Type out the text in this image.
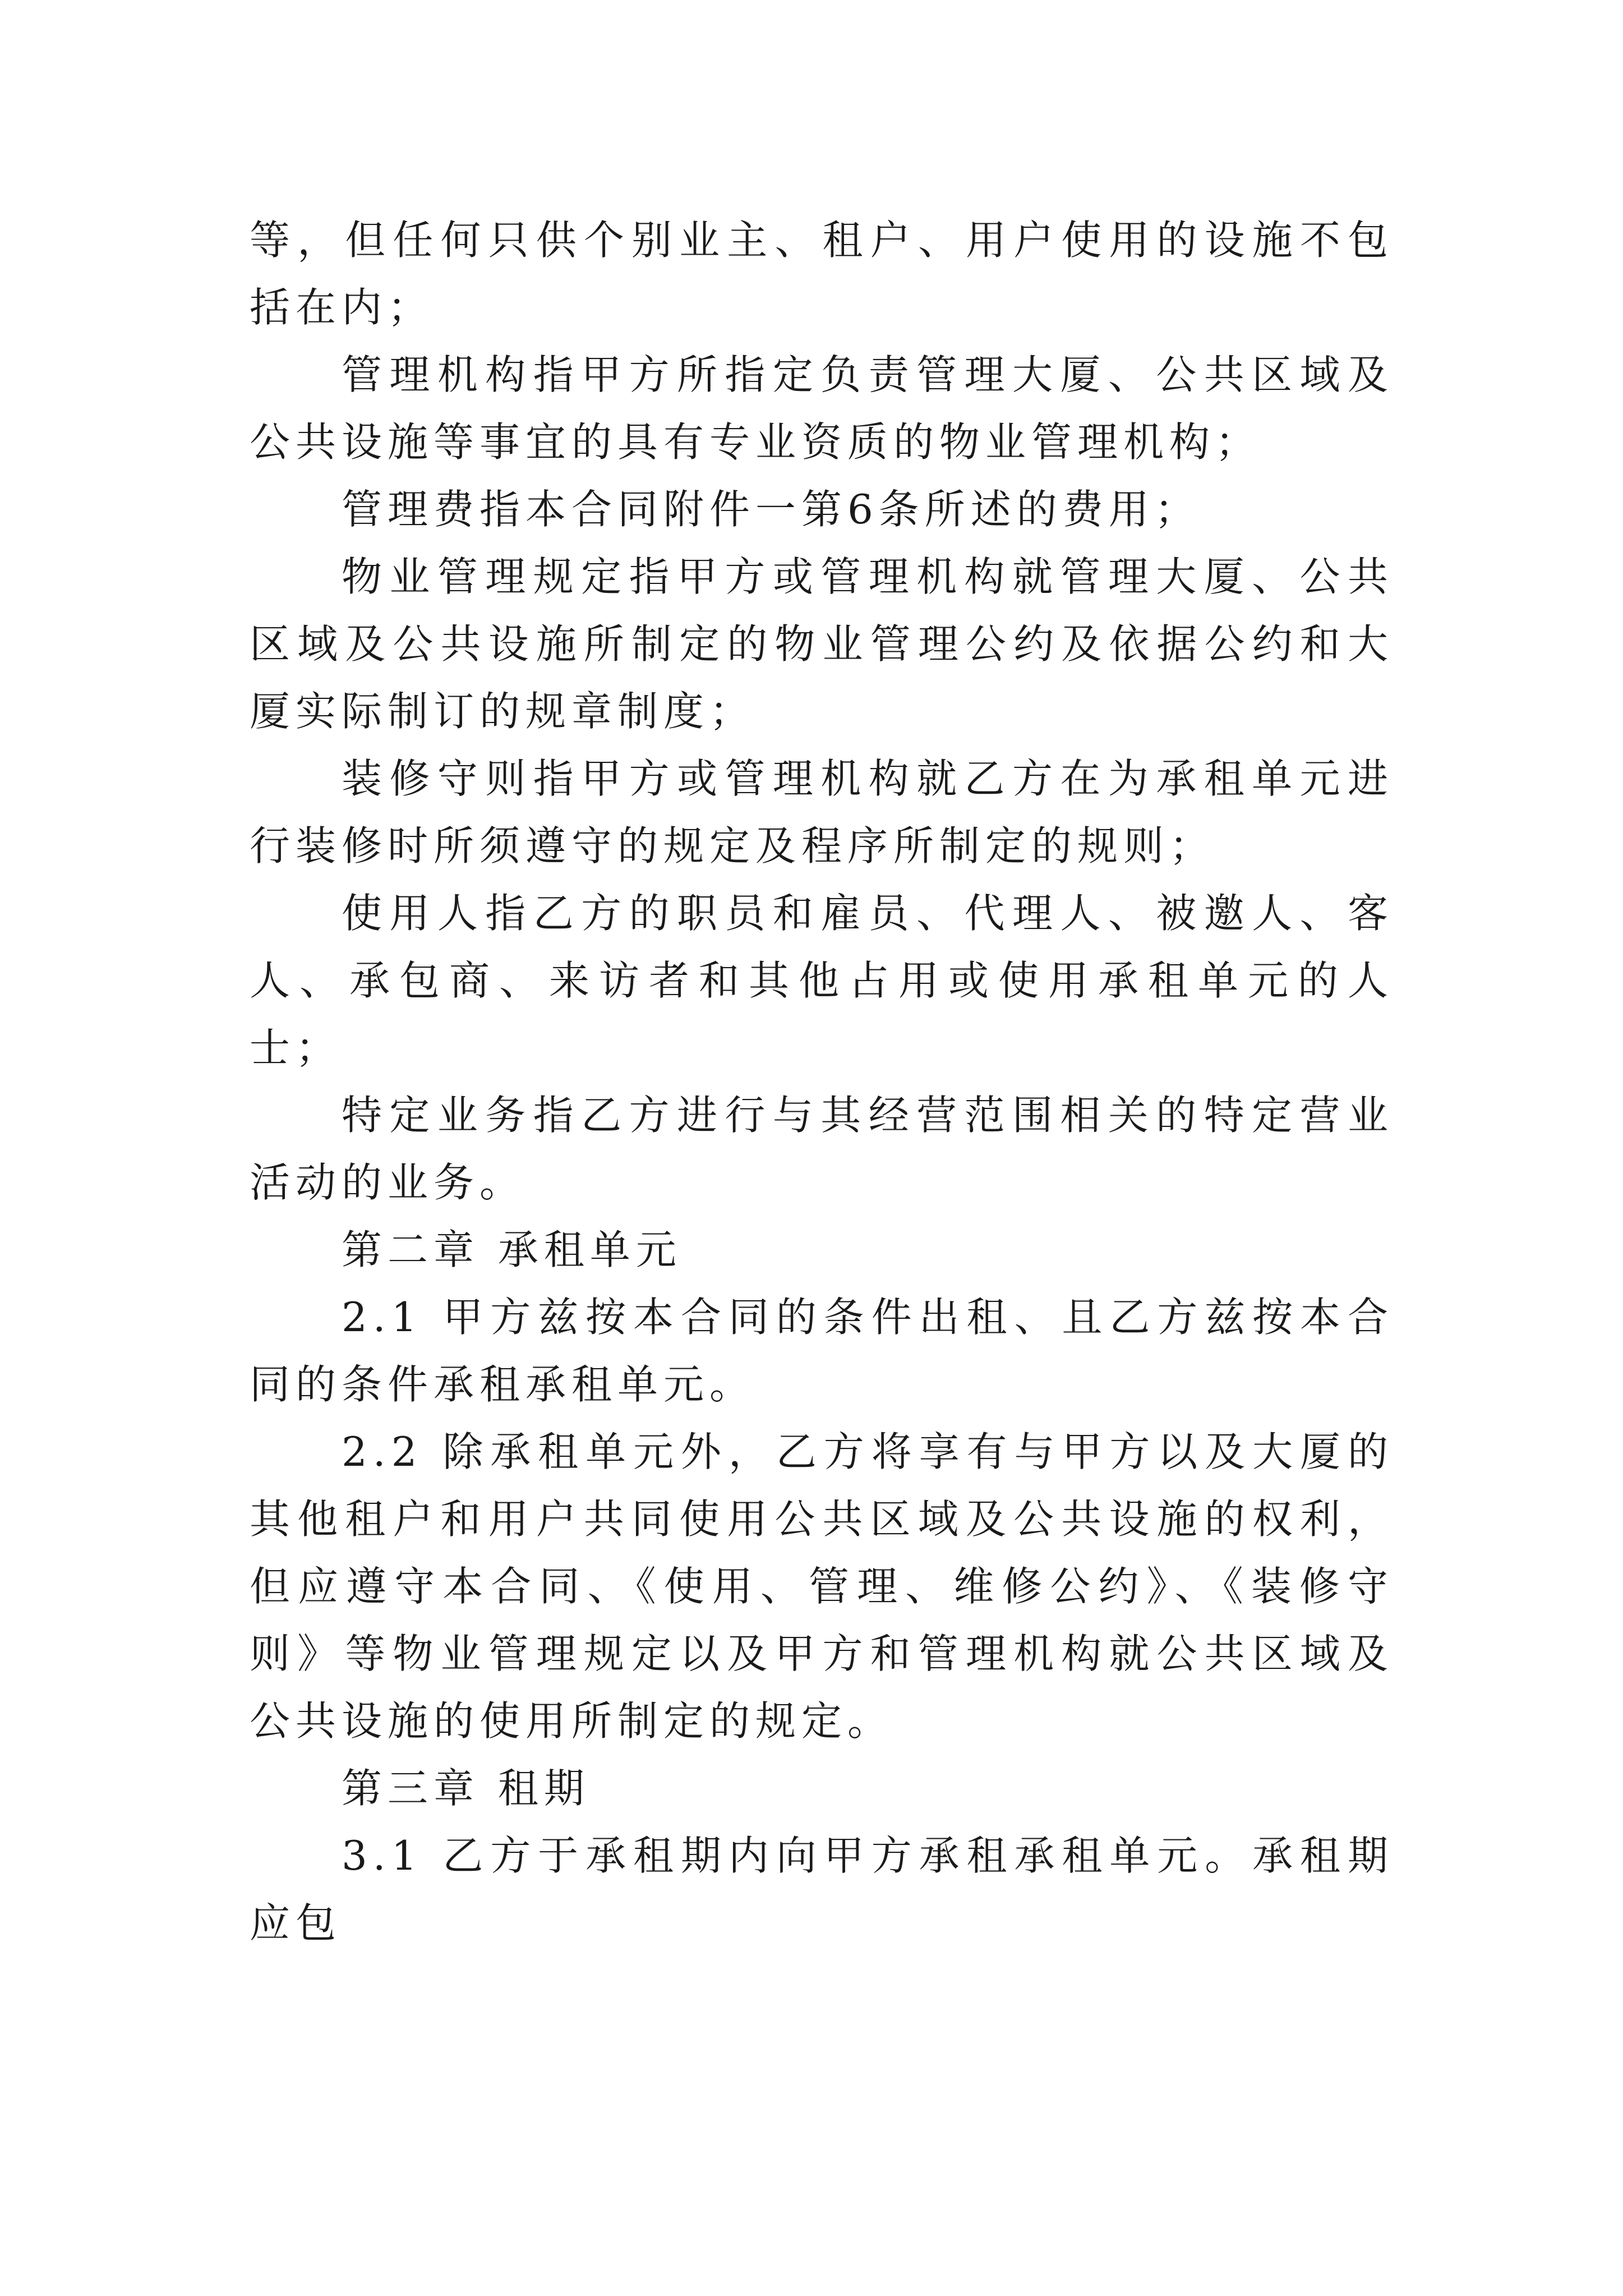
等，但任何只供个别业主、租户、用户使用的设施不包括在内；

管理机构指甲方所指定负责管理大厦、公共区域及公共设施等事宜的具有专业资质的物业管理机构；

管理费指本合同附件一第6条所述的费用；

物业管理规定指甲方或管理机构就管理大厦、公共区域及公共设施所制定的物业管理公约及依据公约和大厦实际制订的规章制度；

装修守则指甲方或管理机构就乙方在为承租单元进行装修时所须遵守的规定及程序所制定的规则；

使用人指乙方的职员和雇员、代理人、被邀人、客人、承包商、来访者和其他占用或使用承租单元的人士；

特定业务指乙方进行与其经营范围相关的特定营业活动的业务。

第二章 承租单元

2.1 甲方兹按本合同的条件出租、且乙方兹按本合同的条件承租承租单元。

2.2 除承租单元外，乙方将享有与甲方以及大厦的其他租户和用户共同使用公共区域及公共设施的权利，但应遵守本合同、《使用、管理、维修公约》、《装修守则》等物业管理规定以及甲方和管理机构就公共区域及公共设施的使用所制定的规定。

第三章 租期

3.1 乙方于承租期内向甲方承租承租单元。承租期应包
